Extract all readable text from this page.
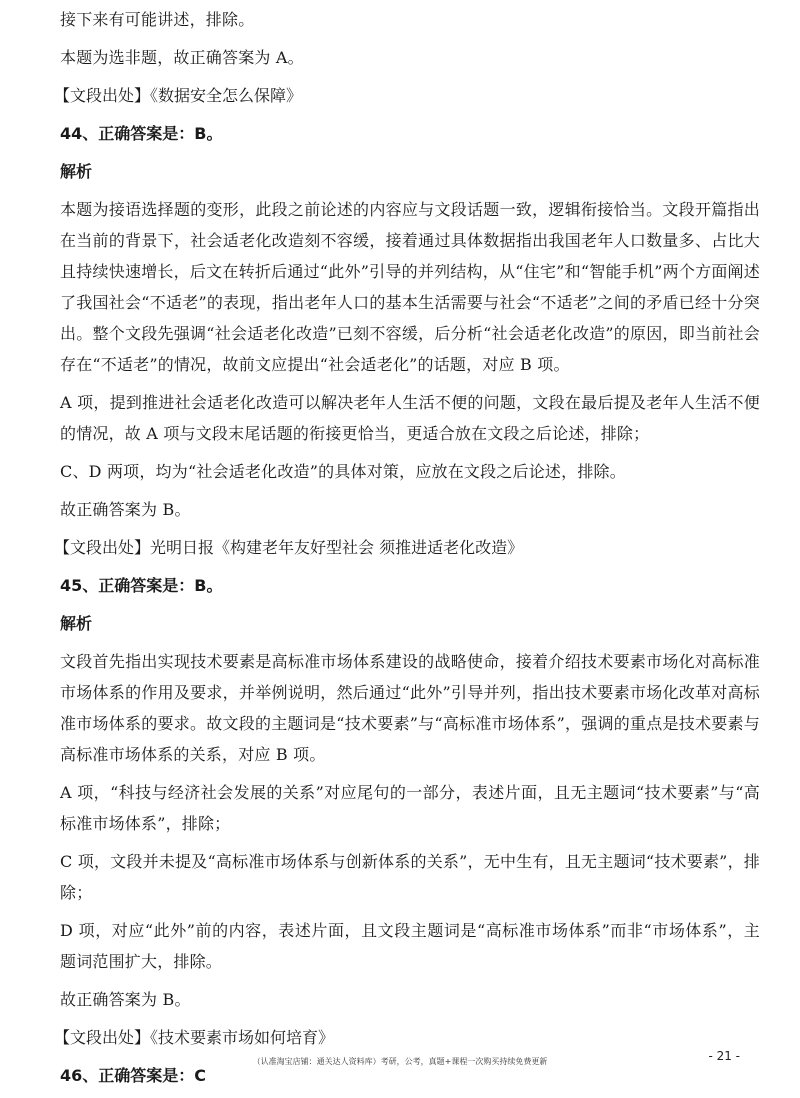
接下来有可能讲述，排除。

本题为选非题，故正确答案为 A。

【文段出处】《数据安全怎么保障》

44、正确答案是：B。

解析

本题为接语选择题的变形，此段之前论述的内容应与文段话题一致，逻辑衔接恰当。文段开篇指出在当前的背景下，社会适老化改造刻不容缓，接着通过具体数据指出我国老年人口数量多、占比大且持续快速增长，后文在转折后通过“此外”引导的并列结构，从“住宅”和“智能手机”两个方面阐述了我国社会“不适老”的表现，指出老年人口的基本生活需要与社会“不适老”之间的矛盾已经十分突出。整个文段先强调“社会适老化改造”已刻不容缓，后分析“社会适老化改造”的原因，即当前社会存在“不适老”的情况，故前文应提出“社会适老化”的话题，对应 B 项。

A 项，提到推进社会适老化改造可以解决老年人生活不便的问题，文段在最后提及老年人生活不便的情况，故 A 项与文段末尾话题的衔接更恰当，更适合放在文段之后论述，排除；

C、D 两项，均为“社会适老化改造”的具体对策，应放在文段之后论述，排除。

故正确答案为 B。

【文段出处】光明日报《构建老年友好型社会 须推进适老化改造》

45、正确答案是：B。

解析

文段首先指出实现技术要素是高标准市场体系建设的战略使命，接着介绍技术要素市场化对高标准市场体系的作用及要求，并举例说明，然后通过“此外”引导并列，指出技术要素市场化改革对高标准市场体系的要求。故文段的主题词是“技术要素”与“高标准市场体系”，强调的重点是技术要素与高标准市场体系的关系，对应 B 项。

A 项，“科技与经济社会发展的关系”对应尾句的一部分，表述片面，且无主题词“技术要素”与“高标准市场体系”，排除；

C 项，文段并未提及“高标准市场体系与创新体系的关系”，无中生有，且无主题词“技术要素”，排除；

D 项，对应“此外”前的内容，表述片面，且文段主题词是“高标准市场体系”而非“市场体系”，主题词范围扩大，排除。

故正确答案为 B。

【文段出处】《技术要素市场如何培育》

46、正确答案是：C

- 21 -
（认准淘宝店铺：通关达人资料库）考研，公考，真题+课程一次购买持续免费更新
